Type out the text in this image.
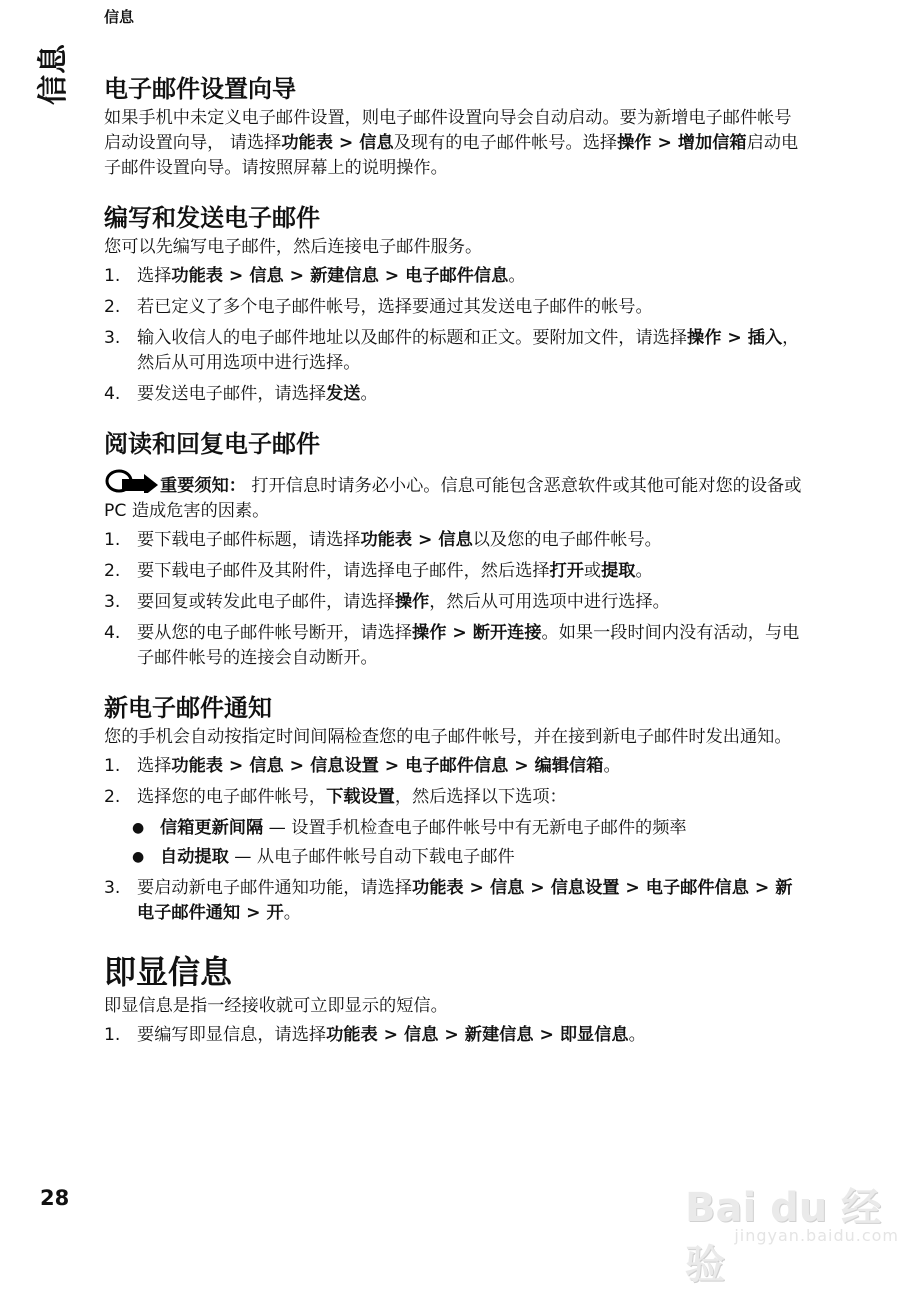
信息
信息 电子邮件设置向导

如果手机中未定义电子邮件设置，则电子邮件设置向导会自动启动。要为新增电子邮件帐号启动设置向导， 请选择功能表 > 信息及现有的电子邮件帐号。选择操作 > 增加信箱启动电子邮件设置向导。请按照屏幕上的说明操作。

编写和发送电子邮件

您可以先编写电子邮件，然后连接电子邮件服务。

1. 选择功能表 > 信息 > 新建信息 > 电子邮件信息。
2. 若已定义了多个电子邮件帐号，选择要通过其发送电子邮件的帐号。
3. 输入收信人的电子邮件地址以及邮件的标题和正文。要附加文件，请选择操作 > 插入，然后从可用选项中进行选择。
4. 要发送电子邮件，请选择发送。
阅读和回复电子邮件

重要须知： 打开信息时请务必小心。信息可能包含恶意软件或其他可能对您的设备或 PC 造成危害的因素。

1. 要下载电子邮件标题，请选择功能表 > 信息以及您的电子邮件帐号。
2. 要下载电子邮件及其附件，请选择电子邮件，然后选择打开或提取。
3. 要回复或转发此电子邮件，请选择操作，然后从可用选项中进行选择。
4. 要从您的电子邮件帐号断开，请选择操作 > 断开连接。如果一段时间内没有活动，与电子邮件帐号的连接会自动断开。
新电子邮件通知

您的手机会自动按指定时间间隔检查您的电子邮件帐号，并在接到新电子邮件时发出通知。

1. 选择功能表 > 信息 > 信息设置 > 电子邮件信息 > 编辑信箱。
2. 选择您的电子邮件帐号，下载设置，然后选择以下选项：
● 信箱更新间隔 — 设置手机检查电子邮件帐号中有无新电子邮件的频率
● 自动提取 — 从电子邮件帐号自动下载电子邮件
3. 要启动新电子邮件通知功能，请选择功能表 > 信息 > 信息设置 > 电子邮件信息 > 新电子邮件通知 > 开。
即显信息

即显信息是指一经接收就可立即显示的短信。

1. 要编写即显信息，请选择功能表 > 信息 > 新建信息 > 即显信息。
28	Bai du 经验
jingyan.baidu.com
